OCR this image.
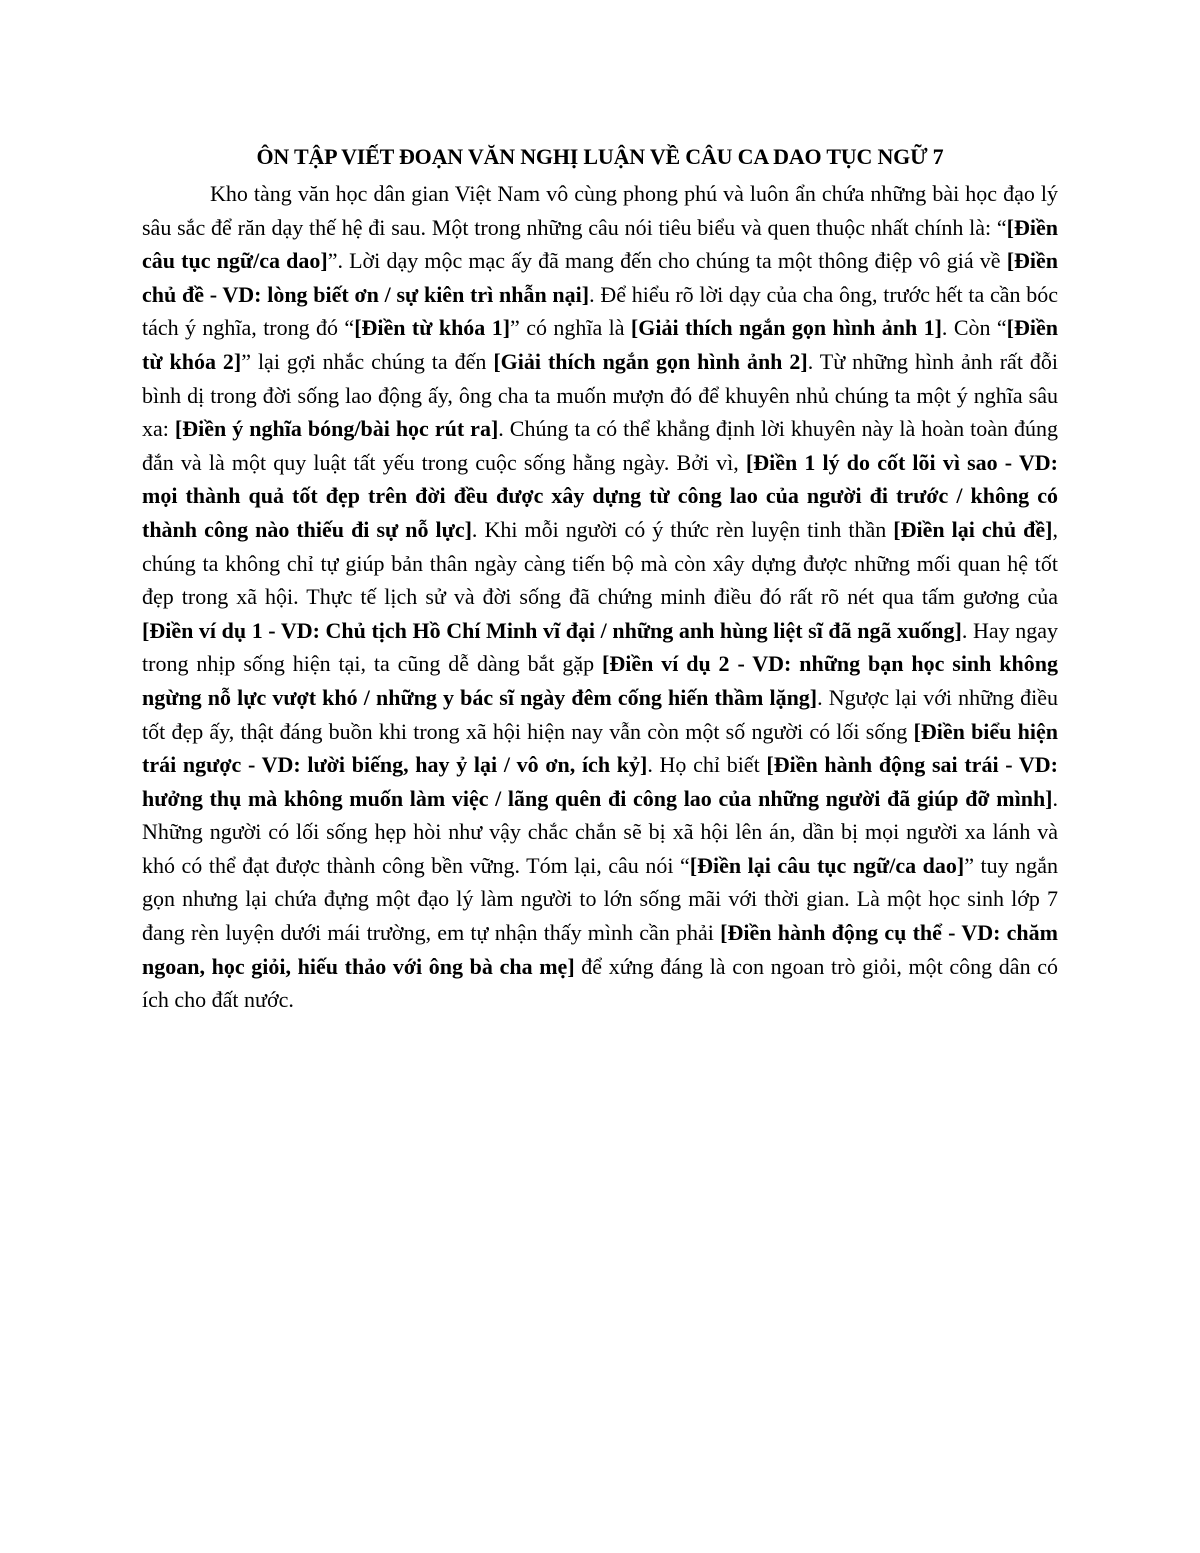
ÔN TẬP VIẾT ĐOẠN VĂN NGHỊ LUẬN VỀ CÂU CA DAO TỤC NGỮ 7

Kho tàng văn học dân gian Việt Nam vô cùng phong phú và luôn ẩn chứa những bài học đạo lý sâu sắc để răn dạy thế hệ đi sau. Một trong những câu nói tiêu biểu và quen thuộc nhất chính là: “[Điền câu tục ngữ/ca dao]”. Lời dạy mộc mạc ấy đã mang đến cho chúng ta một thông điệp vô giá về [Điền chủ đề - VD: lòng biết ơn / sự kiên trì nhẫn nại]. Để hiểu rõ lời dạy của cha ông, trước hết ta cần bóc tách ý nghĩa, trong đó “[Điền từ khóa 1]” có nghĩa là [Giải thích ngắn gọn hình ảnh 1]. Còn “[Điền từ khóa 2]” lại gợi nhắc chúng ta đến [Giải thích ngắn gọn hình ảnh 2]. Từ những hình ảnh rất đỗi bình dị trong đời sống lao động ấy, ông cha ta muốn mượn đó để khuyên nhủ chúng ta một ý nghĩa sâu xa: [Điền ý nghĩa bóng/bài học rút ra]. Chúng ta có thể khẳng định lời khuyên này là hoàn toàn đúng đắn và là một quy luật tất yếu trong cuộc sống hằng ngày. Bởi vì, [Điền 1 lý do cốt lõi vì sao - VD: mọi thành quả tốt đẹp trên đời đều được xây dựng từ công lao của người đi trước / không có thành công nào thiếu đi sự nỗ lực]. Khi mỗi người có ý thức rèn luyện tinh thần [Điền lại chủ đề], chúng ta không chỉ tự giúp bản thân ngày càng tiến bộ mà còn xây dựng được những mối quan hệ tốt đẹp trong xã hội. Thực tế lịch sử và đời sống đã chứng minh điều đó rất rõ nét qua tấm gương của [Điền ví dụ 1 - VD: Chủ tịch Hồ Chí Minh vĩ đại / những anh hùng liệt sĩ đã ngã xuống]. Hay ngay trong nhịp sống hiện tại, ta cũng dễ dàng bắt gặp [Điền ví dụ 2 - VD: những bạn học sinh không ngừng nỗ lực vượt khó / những y bác sĩ ngày đêm cống hiến thầm lặng]. Ngược lại với những điều tốt đẹp ấy, thật đáng buồn khi trong xã hội hiện nay vẫn còn một số người có lối sống [Điền biểu hiện trái ngược - VD: lười biếng, hay ỷ lại / vô ơn, ích kỷ]. Họ chỉ biết [Điền hành động sai trái - VD: hưởng thụ mà không muốn làm việc / lãng quên đi công lao của những người đã giúp đỡ mình]. Những người có lối sống hẹp hòi như vậy chắc chắn sẽ bị xã hội lên án, dần bị mọi người xa lánh và khó có thể đạt được thành công bền vững. Tóm lại, câu nói “[Điền lại câu tục ngữ/ca dao]” tuy ngắn gọn nhưng lại chứa đựng một đạo lý làm người to lớn sống mãi với thời gian. Là một học sinh lớp 7 đang rèn luyện dưới mái trường, em tự nhận thấy mình cần phải [Điền hành động cụ thể - VD: chăm ngoan, học giỏi, hiếu thảo với ông bà cha mẹ] để xứng đáng là con ngoan trò giỏi, một công dân có ích cho đất nước.
